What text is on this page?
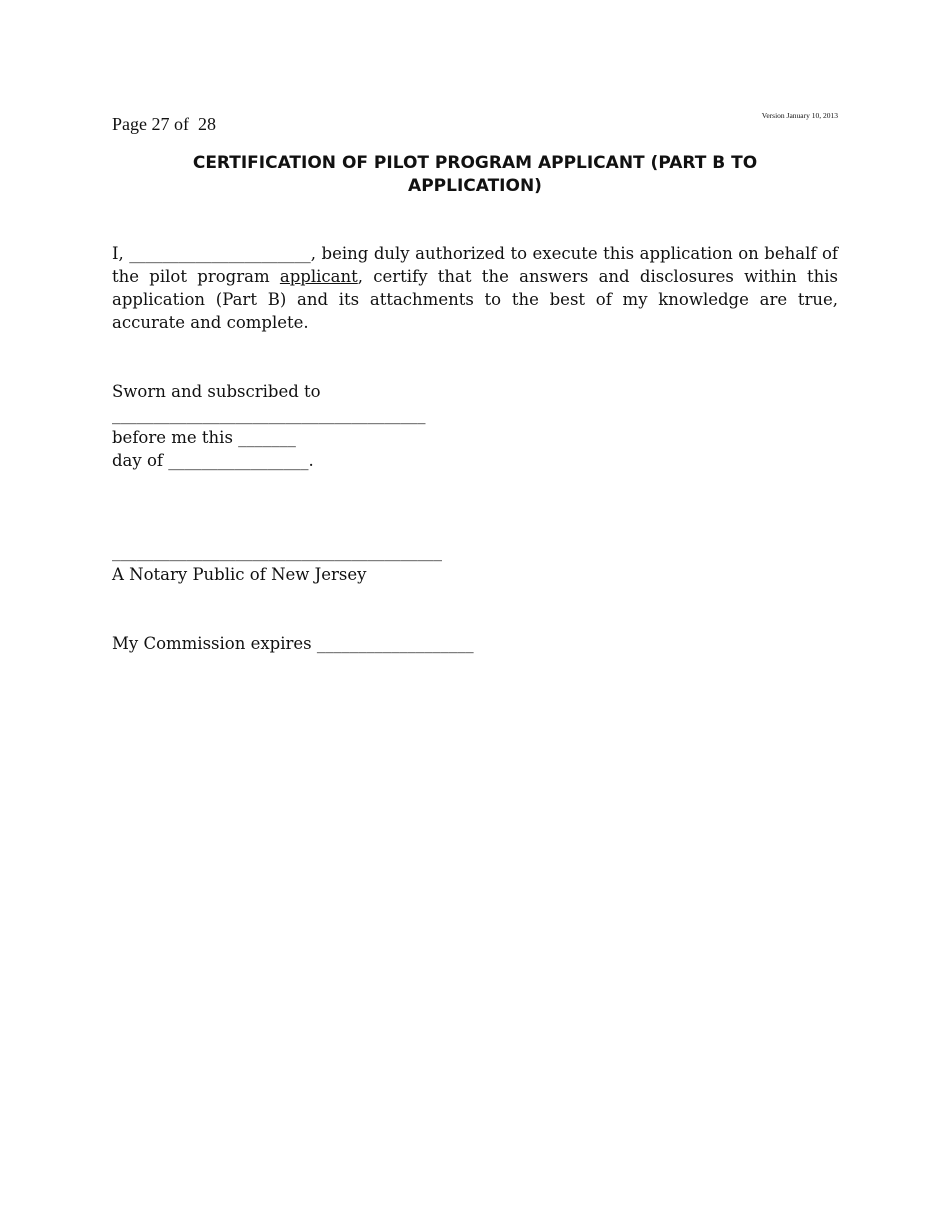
Page 27 of  28	Version January 10, 2013
CERTIFICATION OF PILOT PROGRAM APPLICANT (PART B TO APPLICATION)
I, ______________________, being duly authorized to execute this application on behalf of the pilot program applicant, certify that the answers and disclosures within this application (Part B) and its attachments to the best of my knowledge are true, accurate and complete.
Sworn and subscribed to
______________________________________
before me this _______
day of _________________.
________________________________________
A Notary Public of New Jersey
My Commission expires ___________________
